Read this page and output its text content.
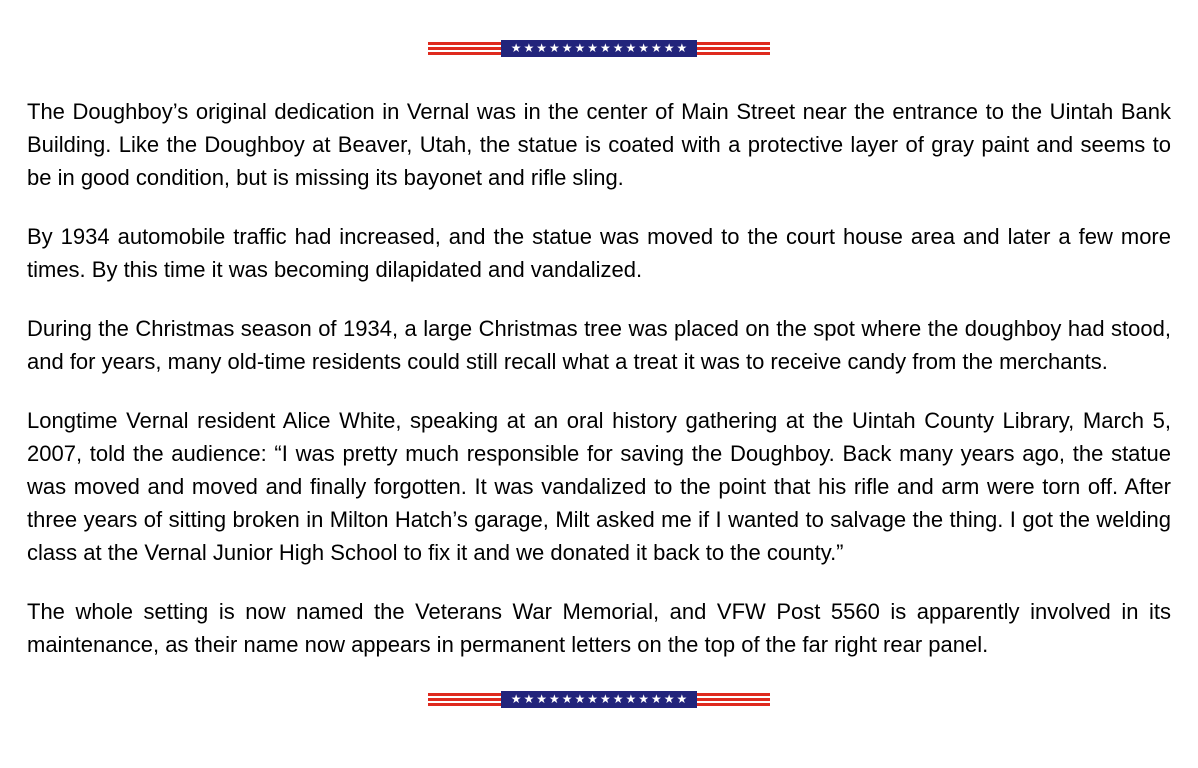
★★★★★★★★★★★★★★

The Doughboy’s original dedication in Vernal was in the center of Main Street near the entrance to the Uintah Bank Building. Like the Doughboy at Beaver, Utah, the statue is coated with a protective layer of gray paint and seems to be in good condition, but is missing its bayonet and rifle sling.

By 1934 automobile traffic had increased, and the statue was moved to the court house area and later a few more times. By this time it was becoming dilapidated and vandalized.

During the Christmas season of 1934, a large Christmas tree was placed on the spot where the doughboy had stood, and for years, many old-time residents could still recall what a treat it was to receive candy from the merchants.

Longtime Vernal resident Alice White, speaking at an oral history gathering at the Uintah County Library, March 5, 2007, told the audience: “I was pretty much responsible for saving the Doughboy. Back many years ago, the statue was moved and moved and finally forgotten. It was vandalized to the point that his rifle and arm were torn off. After three years of sitting broken in Milton Hatch’s garage, Milt asked me if I wanted to salvage the thing. I got the welding class at the Vernal Junior High School to fix it and we donated it back to the county.”

The whole setting is now named the Veterans War Memorial, and VFW Post 5560 is apparently involved in its maintenance, as their name now appears in permanent letters on the top of the far right rear panel.

★★★★★★★★★★★★★★
